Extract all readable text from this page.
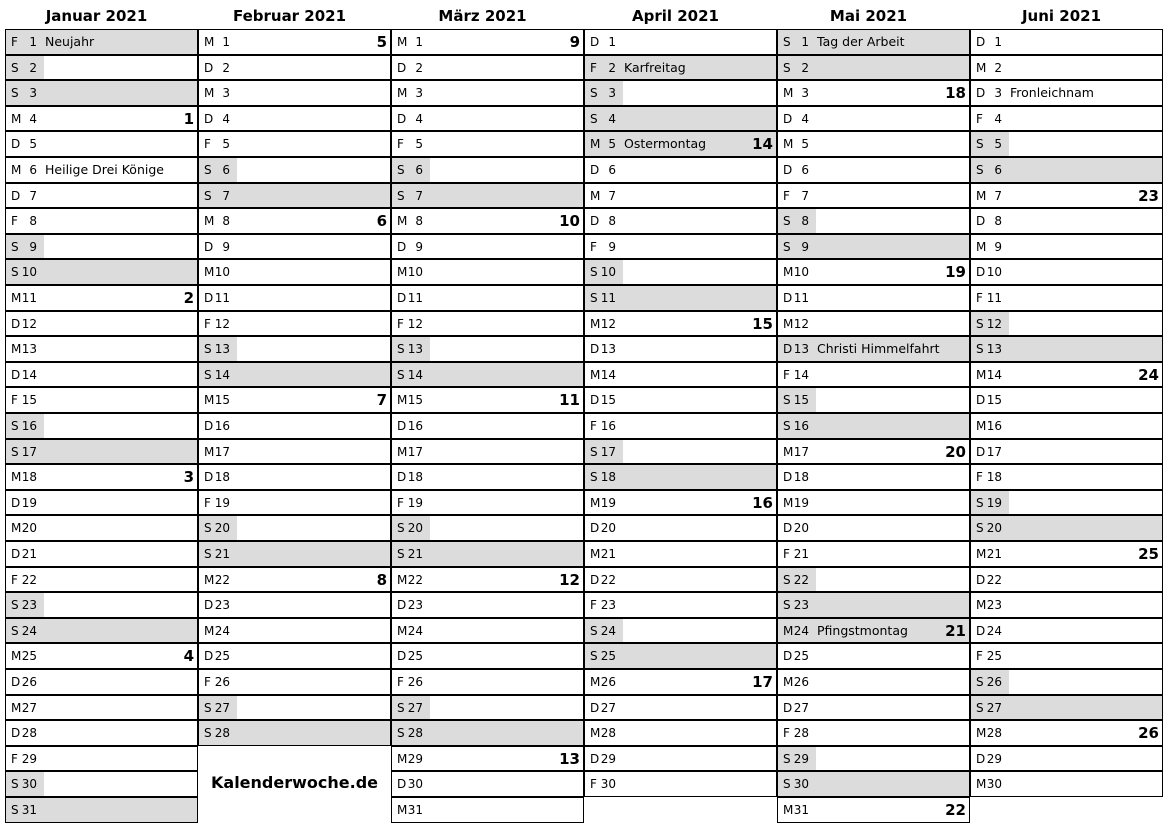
Januar 2021
F 1 Neujahr
S 2
S 3
M 4	1
D 5
M 6 Heilige Drei Könige
D 7
F 8
S 9
S 10
M 11	2
D 12
M 13
D 14
F 15
S 16
S 17
M 18	3
D 19
M 20
D 21
F 22
S 23
S 24
M 25	4
D 26
M 27
D 28
F 29
S 30
S 31
Februar 2021
M 1	5
D 2
M 3
D 4
F 5
S 6
S 7
M 8	6
D 9
M 10
D 11
F 12
S 13
S 14
M 15	7
D 16
M 17
D 18
F 19
S 20
S 21
M 22	8
D 23
M 24
D 25
F 26
S 27
S 28
März 2021
M 1	9
D 2
M 3
D 4
F 5
S 6
S 7
M 8	10
D 9
M 10
D 11
F 12
S 13
S 14
M 15	11
D 16
M 17
D 18
F 19
S 20
S 21
M 22	12
D 23
M 24
D 25
F 26
S 27
S 28
M 29	13
D 30
M 31
April 2021
D 1
F 2 Karfreitag
S 3
S 4
M 5 Ostermontag	14
D 6
M 7
D 8
F 9
S 10
S 11
M 12	15
D 13
M 14
D 15
F 16
S 17
S 18
M 19	16
D 20
M 21
D 22
F 23
S 24
S 25
M 26	17
D 27
M 28
D 29
F 30
Mai 2021
S 1 Tag der Arbeit
S 2
M 3	18
D 4
M 5
D 6
F 7
S 8
S 9
M 10	19
D 11
M 12
D 13 Christi Himmelfahrt
F 14
S 15
S 16
M 17	20
D 18
M 19
D 20
F 21
S 22
S 23
M 24 Pfingstmontag 21
D 25
M 26
D 27
F 28
S 29
S 30
M 31	22
Juni 2021
D 1
M 2
D 3 Fronleichnam
F 4
S 5
S 6
M 7	23
D 8
M 9
D 10
F 11
S 12
S 13
M 14	24
D 15
M 16
D 17
F 18
S 19
S 20
M 21	25
D 22
M 23
D 24
F 25
S 26
S 27
M 28	26
D 29
M 30
Kalenderwoche.de
